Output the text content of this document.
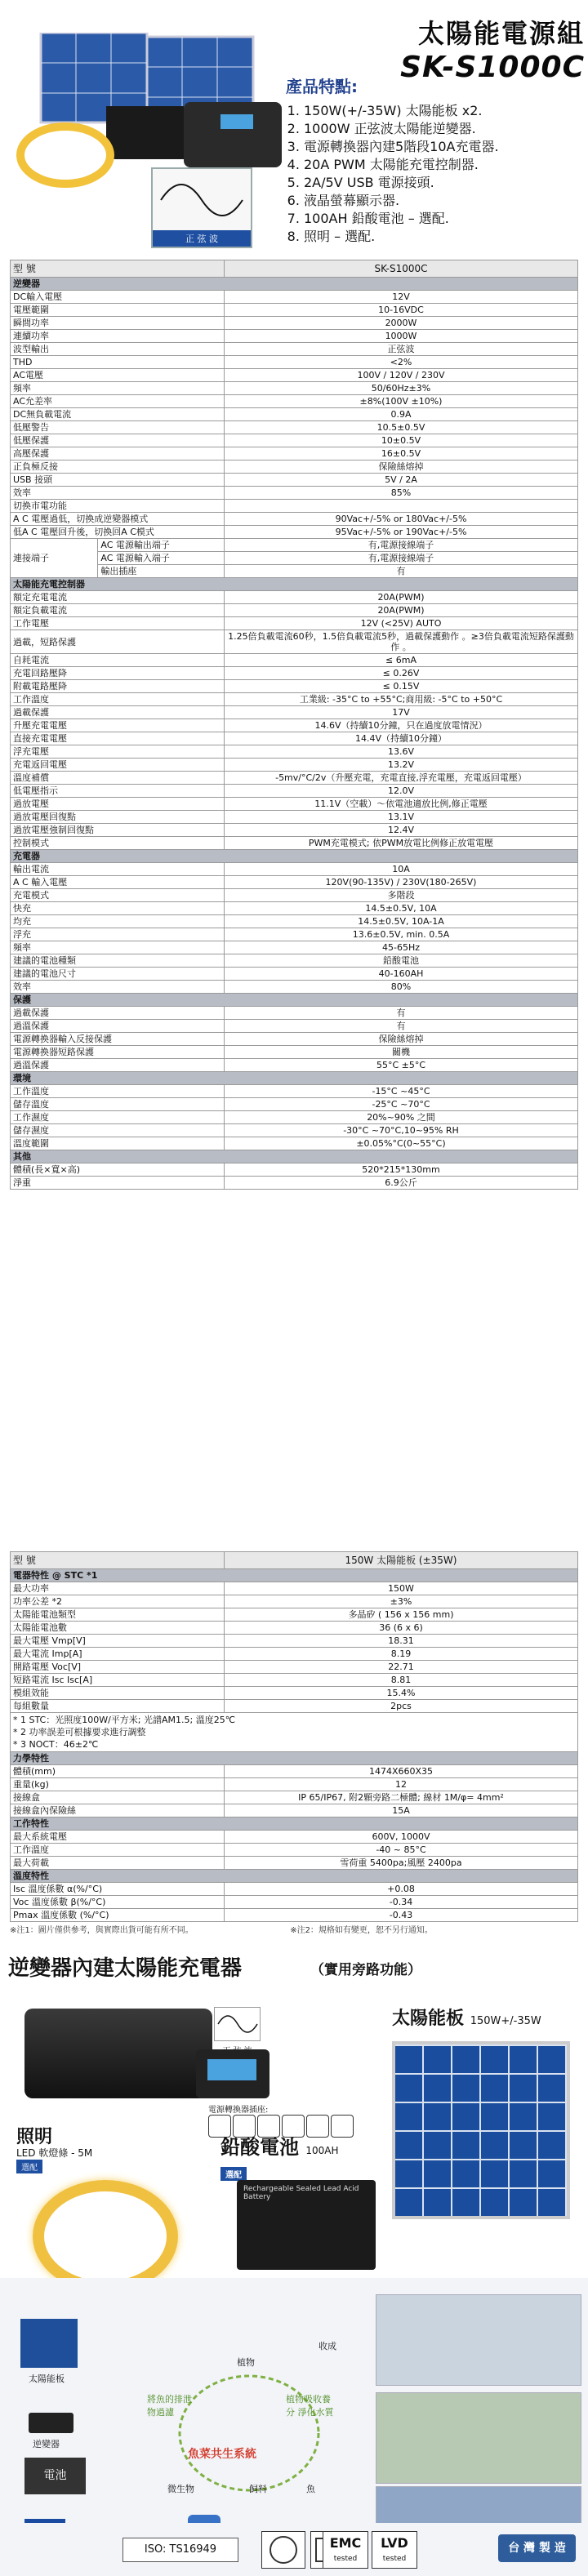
正 弦 波
太陽能電源組
SK-S1000C
產品特點:
1. 150W(+/-35W) 太陽能板 x2.
2. 1000W 正弦波太陽能逆變器.
3. 電源轉換器內建5階段10A充電器.
4. 20A PWM 太陽能充電控制器.
5. 2A/5V USB 電源接頭.
6. 液晶螢幕顯示器.
7. 100AH 鉛酸電池 – 選配.
8. 照明 – 選配.
型 號		SK-S1000C
逆變器		
DC輸入電壓		12V
電壓範圍		10-16VDC
瞬間功率		2000W
連續功率		1000W
波型輸出		正弦波
THD		<2%
AC電壓		100V / 120V / 230V
頻率		50/60Hz±3%
AC允差率		±8%(100V ±10%)
DC無負載電流		0.9A
低壓警告		10.5±0.5V
低壓保護		10±0.5V
高壓保護		16±0.5V
正負極反接		保險絲熔掉
USB 接頭		5V / 2A
效率		85%
切換市電功能		
A C 電壓過低，切換成逆變器模式		90Vac+/-5% or 180Vac+/-5%
低A C 電壓回升後，切換回A C模式		95Vac+/-5% or 190Vac+/-5%
連接端子	AC 電源輸出端子	有,電源接線端子
	AC 電源輸入端子	有,電源接線端子
	輸出插座	有
太陽能充電控制器		
額定充電電流		20A(PWM)
額定負載電流		20A(PWM)
工作電壓		12V (<25V) AUTO
過載，短路保護		1.25倍負載電流60秒，1.5倍負載電流5秒，過載保護動作 。≥3倍負載電流短路保護動作 。
自耗電流		≤ 6mA
充電回路壓降		≤ 0.26V
附載電路壓降		≤ 0.15V
工作溫度		工業級: -35°C to +55°C;商用級: -5°C to +50°C
過載保護		17V
升壓充電電壓		14.6V（持續10分鐘，只在過度放電情況）
直接充電電壓		14.4V（持續10分鐘）
浮充電壓		13.6V
充電返回電壓		13.2V
溫度補償		-5mv/°C/2v（升壓充電，充電直接,浮充電壓，充電返回電壓）
低電壓指示		12.0V
過放電壓		11.1V（空載）～依電池適放比例,修正電壓
過放電壓回復點		13.1V
過放電壓強制回復點		12.4V
控制模式		PWM充電模式; 依PWM放電比例修正放電電壓
充電器		
輸出電流		10A
A C 輸入電壓		120V(90-135V) / 230V(180-265V)
充電模式		多階段
快充		14.5±0.5V, 10A
均充		14.5±0.5V, 10A-1A
浮充		13.6±0.5V, min. 0.5A
頻率		45-65Hz
建議的電池種類		鉛酸電池
建議的電池尺寸		40-160AH
效率		80%
保護		
過載保護		有
過溫保護		有
電源轉換器輸入反接保護		保險絲熔掉
電源轉換器短路保護		關機
過溫保護		55°C ±5°C
環境		
工作溫度		-15°C ~45°C
儲存溫度		-25°C ~70°C
工作濕度		20%~90% 之間
儲存濕度		-30°C ~70°C,10~95% RH
溫度範圍		±0.05%°C(0~55°C)
其他		
體積(長×寬×高)		520*215*130mm
淨重		6.9公斤
型 號	150W 太陽能板 (±35W)
電器特性 @ STC *1	
最大功率	150W
功率公差 *2	±3%
太陽能電池類型	多晶矽 ( 156 x 156 mm)
太陽能電池數	36 (6 x 6)
最大電壓 Vmp[V]	18.31
最大電流 Imp[A]	8.19
開路電壓 Voc[V]	22.71
短路電流 Isc Isc[A]	8.81
模組效能	15.4%
每組數量	2pcs

* 1 STC：光照度100W/平方米; 光譜AM1.5; 溫度25℃
* 2 功率誤差可根據要求進行調整
* 3 NOCT：46±2℃	

力學特性	
體積(mm)	1474X660X35
重量(kg)	12
接線盒	IP 65/IP67, 附2顆旁路二極體; 線材 1M/φ= 4mm²
接線盒內保險絲	15A
工作特性	
最大系統電壓	600V, 1000V
工作溫度	-40 ~ 85°C
最大荷載	雪荷重 5400pa;風壓 2400pa
溫度特性	
Isc 溫度係數 α(%/°C)	+0.08
Voc 溫度係數 β(%/°C)	-0.34
Pmax 溫度係數 (%/°C)	-0.43
※注1：圖片僅供參考，與實際出貨可能有所不同。	※注2：規格如有變更，恕不另行通知。
逆變器內建太陽能充電器	（實用旁路功能）
電源轉換器插座:
太陽能板 150W+/-35W
照明
LED 軟燈條 - 5M
選配
鉛酸電池 100AH
選配
Rechargeable Sealed Lead Acid Battery
太陽能板
逆變器
電池
植物
收成
魚
微生物	飼料
魚菜共生系統
將魚的排泄物過濾
植物吸收養分 淨化水質
ISO: TS16949	EMC
tested
LVD
tested
台 灣 製 造
